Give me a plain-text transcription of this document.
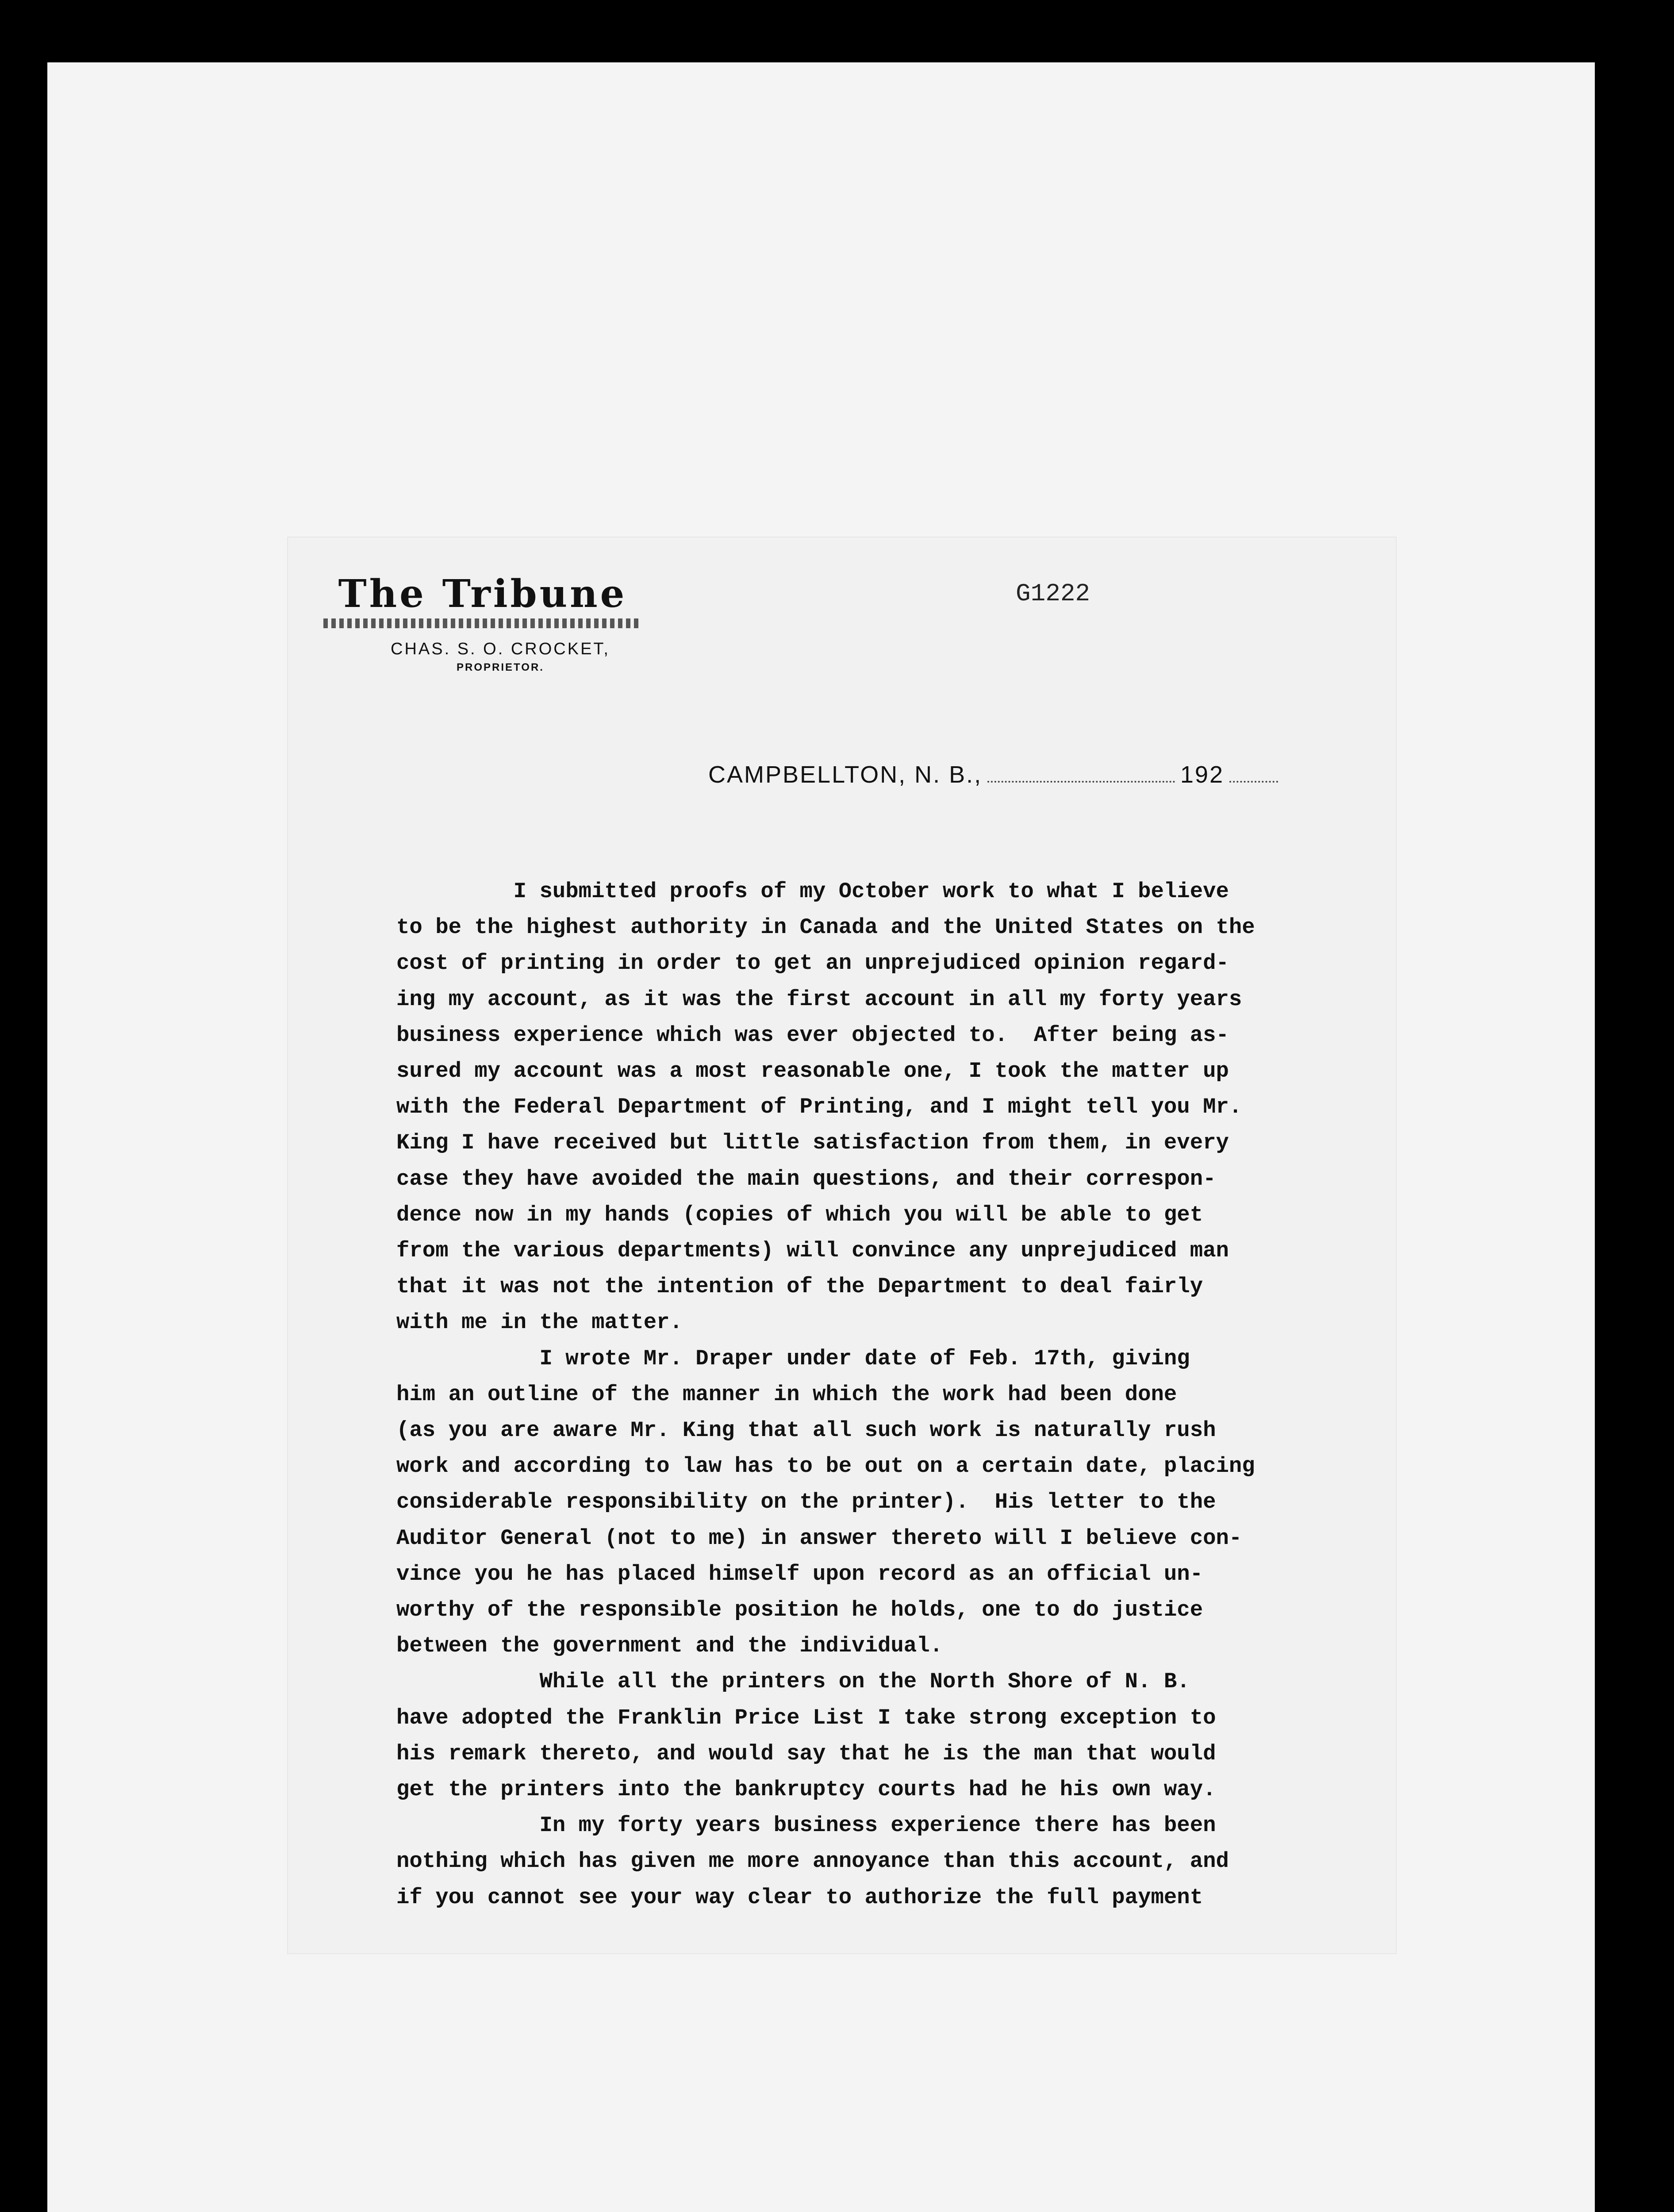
The Tribune
CHAS. S. O. CROCKET,
PROPRIETOR.
G1222
CAMPBELLTON, N. B.,	192
I submitted proofs of my October work to what I believe
to be the highest authority in Canada and the United States on the
cost of printing in order to get an unprejudiced opinion regard-
ing my account, as it was the first account in all my forty years
business experience which was ever objected to.  After being as-
sured my account was a most reasonable one, I took the matter up
with the Federal Department of Printing, and I might tell you Mr.
King I have received but little satisfaction from them, in every
case they have avoided the main questions, and their correspon-
dence now in my hands (copies of which you will be able to get
from the various departments) will convince any unprejudiced man
that it was not the intention of the Department to deal fairly
with me in the matter.
I wrote Mr. Draper under date of Feb. 17th, giving
him an outline of the manner in which the work had been done
(as you are aware Mr. King that all such work is naturally rush
work and according to law has to be out on a certain date, placing
considerable responsibility on the printer).  His letter to the
Auditor General (not to me) in answer thereto will I believe con-
vince you he has placed himself upon record as an official un-
worthy of the responsible position he holds, one to do justice
between the government and the individual.
While all the printers on the North Shore of N. B.
have adopted the Franklin Price List I take strong exception to
his remark thereto, and would say that he is the man that would
get the printers into the bankruptcy courts had he his own way.
In my forty years business experience there has been
nothing which has given me more annoyance than this account, and
if you cannot see your way clear to authorize the full payment
